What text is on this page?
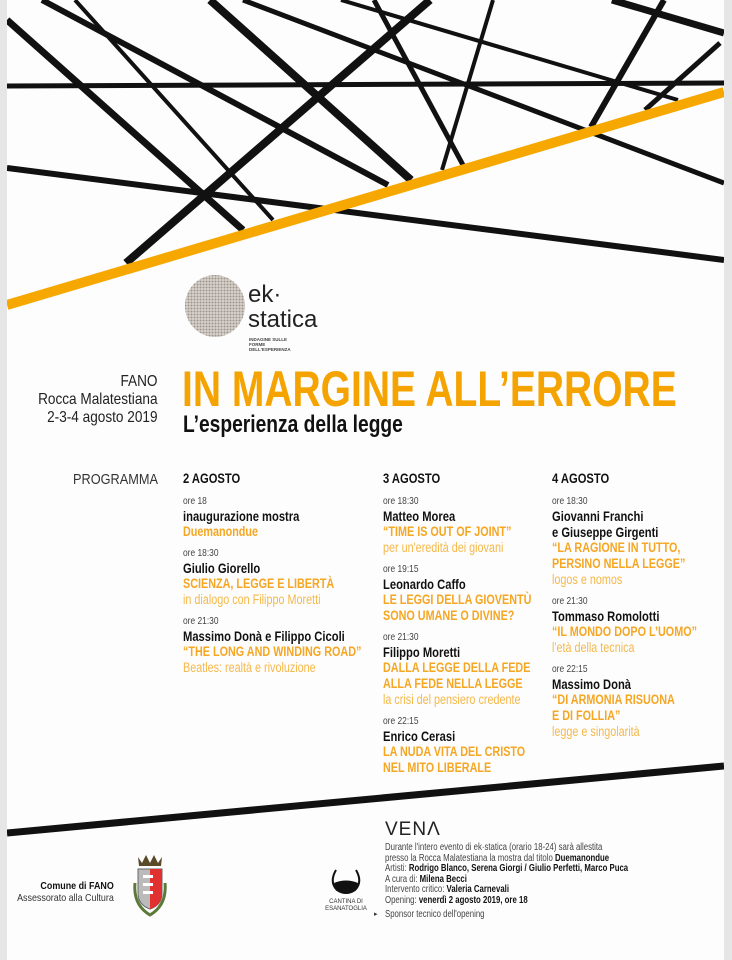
ek·
statica
INDAGINE SULLE FORME DELL'ESPERIENZA
FANO
Rocca Malatestiana
2-3-4 agosto 2019
IN MARGINE ALL’ERRORE
L’esperienza della legge
PROGRAMMA 2 AGOSTO
ore 18
inaugurazione mostra
Duemanondue
ore 18:30
Giulio Giorello
SCIENZA, LEGGE E LIBERTÀ
in dialogo con Filippo Moretti
ore 21:30
Massimo Donà e Filippo Cicoli
“THE LONG AND WINDING ROAD”
Beatles: realtà e rivoluzione
3 AGOSTO
ore 18:30
Matteo Morea
“TIME IS OUT OF JOINT”
per un'eredità dei giovani
ore 19:15
Leonardo Caffo
LE LEGGI DELLA GIOVENTÙ
SONO UMANE O DIVINE?
ore 21:30
Filippo Moretti
DALLA LEGGE DELLA FEDE
ALLA FEDE NELLA LEGGE
la crisi del pensiero credente
ore 22:15
Enrico Cerasi
LA NUDA VITA DEL CRISTO
NEL MITO LIBERALE
4 AGOSTO
ore 18:30
Giovanni Franchi
e Giuseppe Girgenti
“LA RAGIONE IN TUTTO,
PERSINO NELLA LEGGE”
logos e nomos
ore 21:30
Tommaso Romolotti
“IL MONDO DOPO L’UOMO”
l'età della tecnica
ore 22:15
Massimo Donà
“DI ARMONIA RISUONA
E DI FOLLIA”
legge e singolarità
Comune di FANO
Assessorato alla Cultura	CANTINA DI
ESANATOGLIA
▸
VENΛ
Durante l'intero evento di ek·statica (orario 18-24) sarà allestita
presso la Rocca Malatestiana la mostra dal titolo Duemanondue
Artisti: Rodrigo Blanco, Serena Giorgi / Giulio Perfetti, Marco Puca
A cura di: Milena Becci
Intervento critico: Valeria Carnevali
Opening: venerdì 2 agosto 2019, ore 18
Sponsor tecnico dell'opening
